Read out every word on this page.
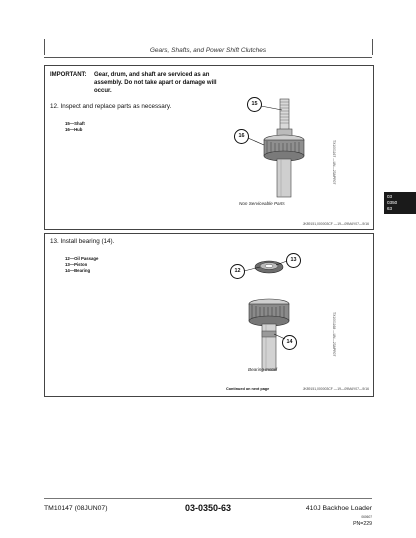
Gears, Shafts, and Power Shift Clutches
IMPORTANT: Gear, drum, and shaft are serviced as an assembly. Do not take apart or damage will occur.
12. Inspect and replace parts as necessary.
15—Shaft
16—Hub
15
16
TX1001167 —UN—23APR07
Non Serviceable Parts
JK89151,000003CF —19—09MAY07—9/16
13. Install bearing (14).
12—Oil Passage
13—Piston
14—Bearing
13
12
14	TX1001168 —UN—23APR07
Bearing Install
Continued on next page	JK89151,000003CF —19—09MAY07—9/16
03
0350
63
TM10147 (08JUN07)	03-0350-63	410J Backhoe Loader
060607
PN=229
